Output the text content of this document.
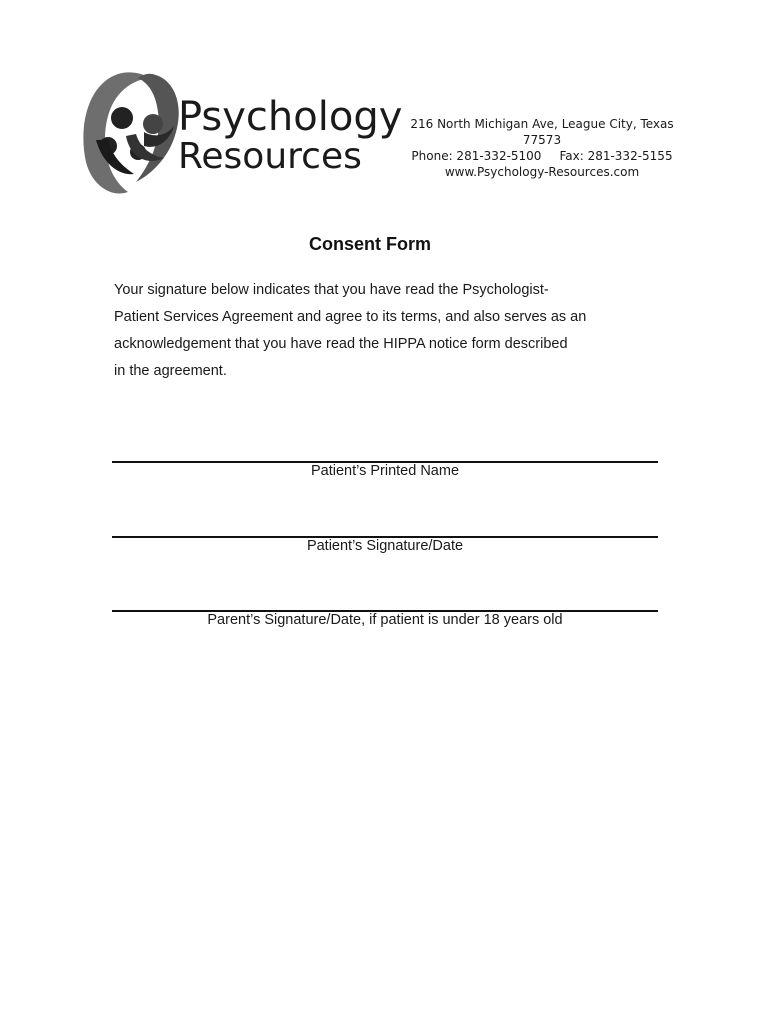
Psychology
Resources
216 North Michigan Ave, League City, Texas 77573
Phone: 281-332-5100 Fax: 281-332-5155
www.Psychology-Resources.com
Consent Form
Your signature below indicates that you have read the Psychologist-
Patient Services Agreement and agree to its terms, and also serves as an
acknowledgement that you have read the HIPPA notice form described
in the agreement.
Patient’s Printed Name
Patient’s Signature/Date
Parent’s Signature/Date, if patient is under 18 years old
